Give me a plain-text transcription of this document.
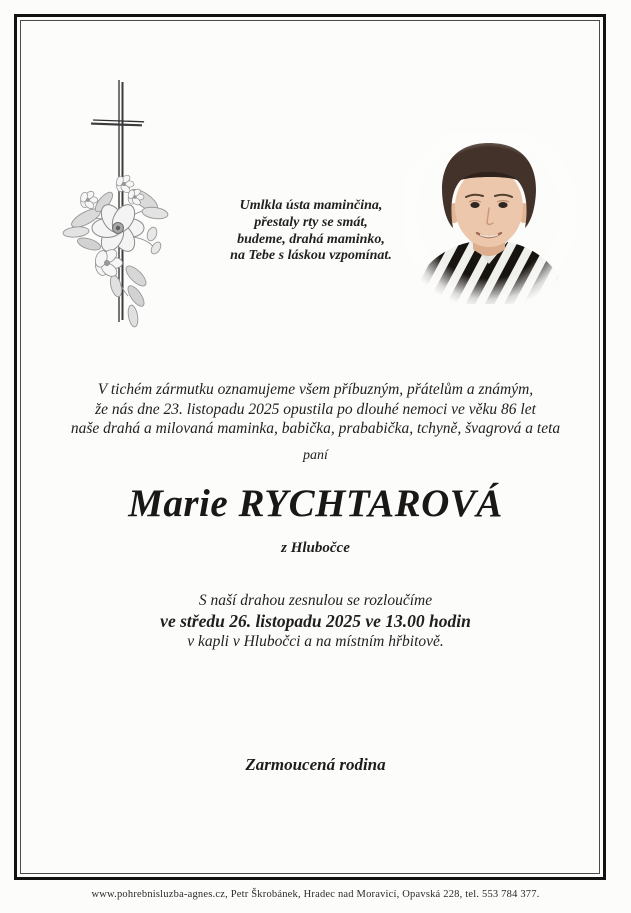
Umlkla ústa maminčina,
přestaly rty se smát,
budeme, drahá maminko,
na Tebe s láskou vzpomínat.
V tichém zármutku oznamujeme všem příbuzným, přátelům a známým,
že nás dne 23. listopadu 2025 opustila po dlouhé nemoci ve věku 86 let
naše drahá a milovaná maminka, babička, prababička, tchyně, švagrová a teta
paní
Marie RYCHTAROVÁ
z Hlubočce
S naší drahou zesnulou se rozloučíme
ve středu 26. listopadu 2025 ve 13.00 hodin
v kapli v Hlubočci a na místním hřbitově.
Zarmoucená rodina
www.pohrebnisluzba-agnes.cz, Petr Škrobánek, Hradec nad Moravicí, Opavská 228, tel. 553 784 377.
